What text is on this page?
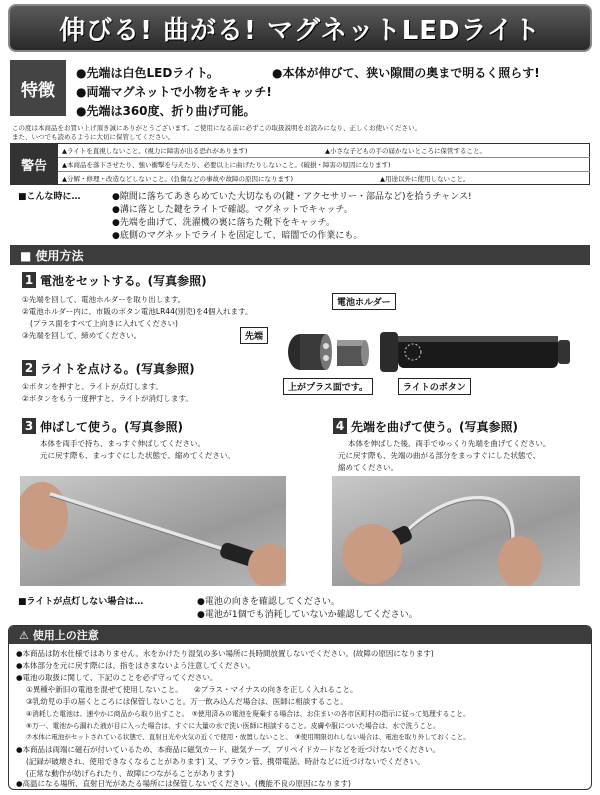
伸びる! 曲がる! マグネットLEDライト
特徴
●先端は白色LEDライト。	●本体が伸びて、狭い隙間の奥まで明るく照らす!
●両端マグネットで小物をキャッチ!
●先端は360度、折り曲げ可能。
この度は本商品をお買い上げ頂き誠にありがとうございます。ご使用になる前に必ずこの取扱説明をお読みになり、正しくお使いください。
また、いつでも読めるように大切に保管してください。
警告
▲ライトを直視しないこと。(視力に障害が出る恐れがあります)	▲小さな子どもの手の届かないところに保管すること。
▲本商品を落下させたり、強い衝撃を与えたり、必要以上に曲げたりしないこと。(破損・障害の原因になります)
▲分解・修理・改造などしないこと。(負傷などの事故や故障の原因になります)	▲用途以外に使用しないこと。
■こんな時に…	●隙間に落ちてあきらめていた大切なもの(鍵・アクセサリー・部品など)を拾うチャンス!
●溝に落とした鍵をライトで確認。マグネットでキャッチ。
●先端を曲げて、洗濯機の裏に落ちた靴下をキャッチ。
●底側のマグネットでライトを固定して、暗闇での作業にも。
■ 使用方法
1 電池をセットする。(写真参照)
①先端を回して、電池ホルダーを取り出します。
②電池ホルダー内に、市販のボタン電池LR44(別売)を4個入れます。
(プラス面をすべて上向きに入れてください)
③先端を回して、締めてください。
電池ホルダー
先端
上がプラス面です。	ライトのボタン
2 ライトを点ける。(写真参照)
①ボタンを押すと、ライトが点灯します。
②ボタンをもう一度押すと、ライトが消灯します。
3 伸ばして使う。(写真参照)
本体を両手で持ち、まっすぐ伸ばしてください。
元に戻す際も、まっすぐにした状態で、縮めてください。
4 先端を曲げて使う。(写真参照)
本体を伸ばした後、両手でゆっくり先端を曲げてください。
元に戻す際も、先端の曲がる部分をまっすぐにした状態で、
縮めてください。
■ライトが点灯しない場合は…	●電池の向きを確認してください。
●電池が1個でも消耗していないか確認してください。
⚠ 使用上の注意
●本商品は防水仕様ではありません。水をかけたり湿気の多い場所に長時間放置しないでください。(故障の原因になります)
●本体部分を元に戻す際には、指をはさまないよう注意してください。
●電池の取扱に関して、下記のことを必ず守ってください。
①異種や新旧の電池を混ぜて使用しないこと。　　②プラス・マイナスの向きを正しく入れること。
③乳幼児の手の届くところには保管しないこと。万一飲み込んだ場合は、医師に相談すること。
④消耗した電池は、速やかに商品から取り出すこと。　⑤使用済みの電池を廃棄する場合は、お住まいの各市区町村の指示に従って処理すること。
⑥万一、電池から漏れた液が目に入った場合は、すぐに大量の水で洗い医師に相談すること。皮膚や服についた場合は、水で洗うこと。
⑦本体に電池がセットされている状態で、直射日光や火気の近くで使用・放置しないこと。　⑧使用期限切れしない場合は、電池を取り外しておくこと。
●本商品は両端に磁石が付いているため、本商品に磁気カード、磁気テープ、プリペイドカードなどを近づけないでください。
(記録が破壊され、使用できなくなることがあります) 又、ブラウン管、携帯電話、時計などに近づけないでください。
(正常な動作が妨げられたり、故障につながることがあります)
●高温になる場所、直射日光があたる場所には保管しないでください。(機能不良の原因になります)
